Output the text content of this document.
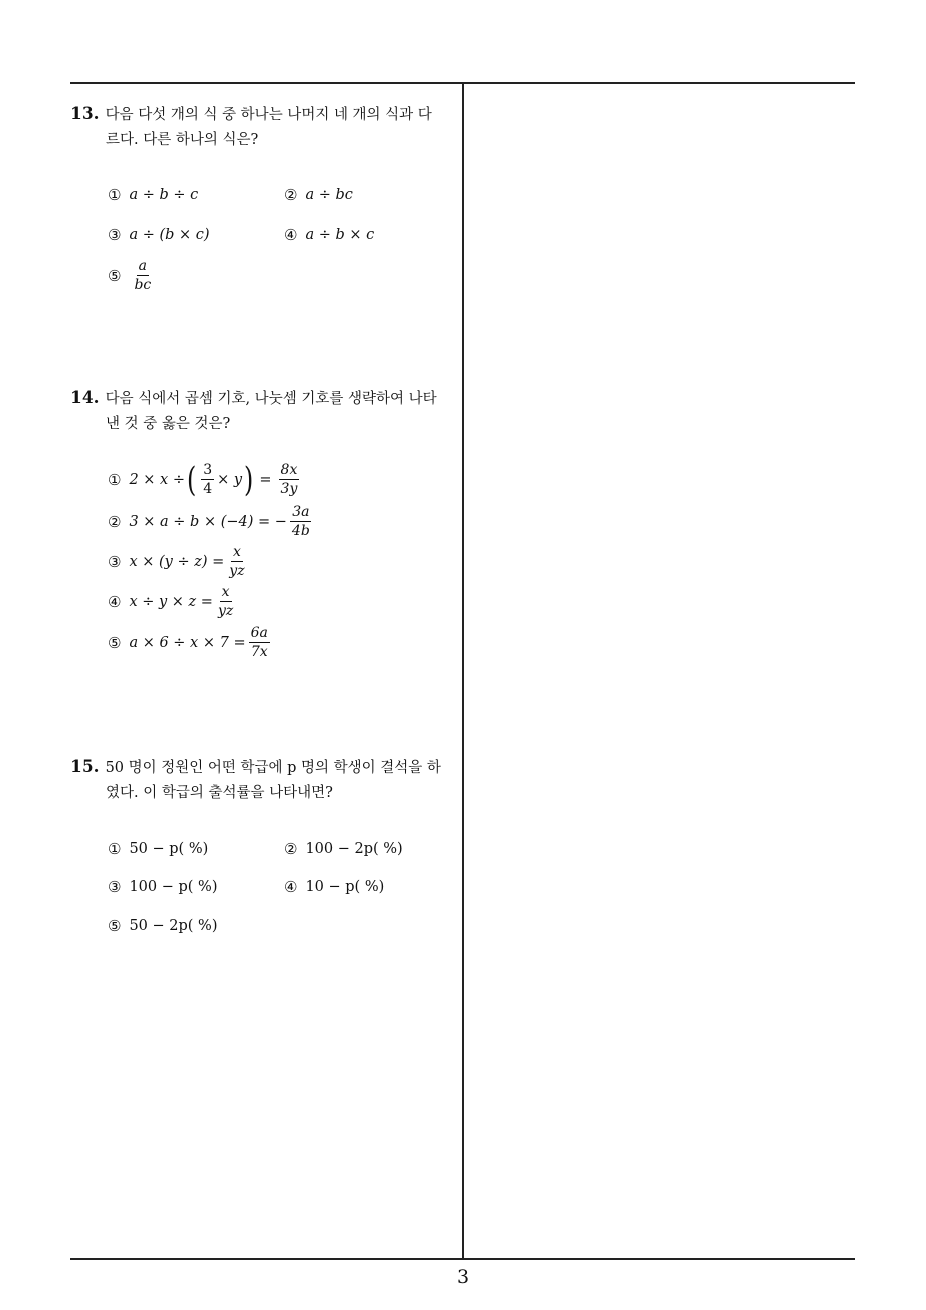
13. 다음 다섯 개의 식 중 하나는 나머지 네 개의 식과 다
르다. 다른 하나의 식은?
① a ÷ b ÷ c	② a ÷ bc
③ a ÷ (b × c)	④ a ÷ b × c
⑤ $\frac{a}{bc}$
14. 다음 식에서 곱셈 기호, 나눗셈 기호를 생략하여 나타
낸 것 중 옳은 것은?
① 2 × x ÷ ( $\frac{3}{4} \times y$ ) = $\frac{8x}{3y}$
② 3 × a ÷ b × (−4) = − $\frac{3a}{4b}$
③ $x \times (y \div z) = \frac{x}{yz}$
④ $x \div y \times z = \frac{x}{yz}$
⑤ $a \times 6 \div x \times 7 = \frac{6a}{7x}$
15. 50 명이 정원인 어떤 학급에 p 명의 학생이 결석을 하
였다. 이 학급의 출석률을 나타내면?
① 50 − p( %)	② 100 − 2p( %)
③ 100 − p( %)	④ 10 − p( %)
⑤ 50 − 2p( %)
3
